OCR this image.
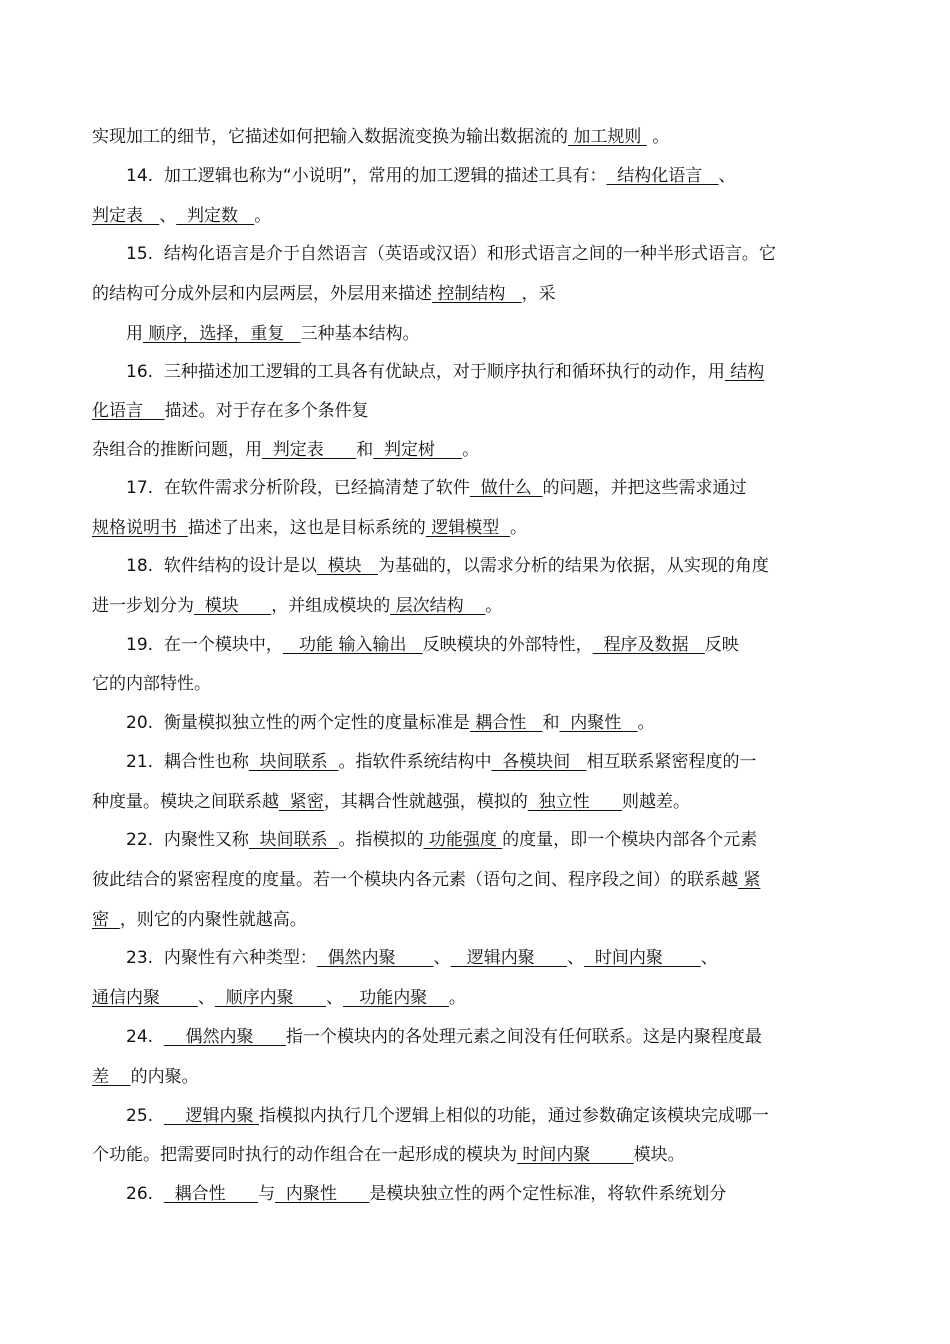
实现加工的细节，它描述如何把输入数据流变换为输出数据流的 加工规则  。
　　14.  加工逻辑也称为“小说明”，常用的加工逻辑的描述工具有：  结构化语言   、
判定表   、  判定数   。
　　15.  结构化语言是介于自然语言（英语或汉语）和形式语言之间的一种半形式语言。它
的结构可分成外层和内层两层，外层用来描述 控制结构   ，采
　　用 顺序，选择，重复   三种基本结构。
　　16.  三种描述加工逻辑的工具各有优缺点，对于顺序执行和循环执行的动作，用 结构
化语言    描述。对于存在多个条件复
杂组合的推断问题，用  判定表      和  判定树     。
　　17.  在软件需求分析阶段，已经搞清楚了软件  做什么  的问题，并把这些需求通过
规格说明书  描述了出来，这也是目标系统的 逻辑模型  。
　　18.  软件结构的设计是以  模块   为基础的，以需求分析的结果为依据，从实现的角度
进一步划分为  模块      ，并组成模块的 层次结构    。
　　19.  在一个模块中，   功能 输入输出   反映模块的外部特性，  程序及数据   反映
它的内部特性。
　　20.  衡量模拟独立性的两个定性的度量标准是 耦合性   和  内聚性   。
　　21.  耦合性也称  块间联系  。指软件系统结构中  各模块间   相互联系紧密程度的一
种度量。模块之间联系越  紧密，其耦合性就越强，模拟的  独立性      则越差。
　　22.  内聚性又称  块间联系  。指模拟的 功能强度 的度量，即一个模块内部各个元素
彼此结合的紧密程度的度量。若一个模块内各元素（语句之间、程序段之间）的联系越 紧
密  ，则它的内聚性就越高。
　　23.  内聚性有六种类型：  偶然内聚       、   逻辑内聚      、  时间内聚       、
通信内聚       、  顺序内聚      、   功能内聚    。
　　24.      偶然内聚      指一个模块内的各处理元素之间没有任何联系。这是内聚程度最
差    的内聚。
　　25.      逻辑内聚 指模拟内执行几个逻辑上相似的功能，通过参数确定该模块完成哪一
个功能。把需要同时执行的动作组合在一起形成的模块为 时间内聚        模块。
　　26.    耦合性      与  内聚性      是模块独立性的两个定性标准，将软件系统划分
